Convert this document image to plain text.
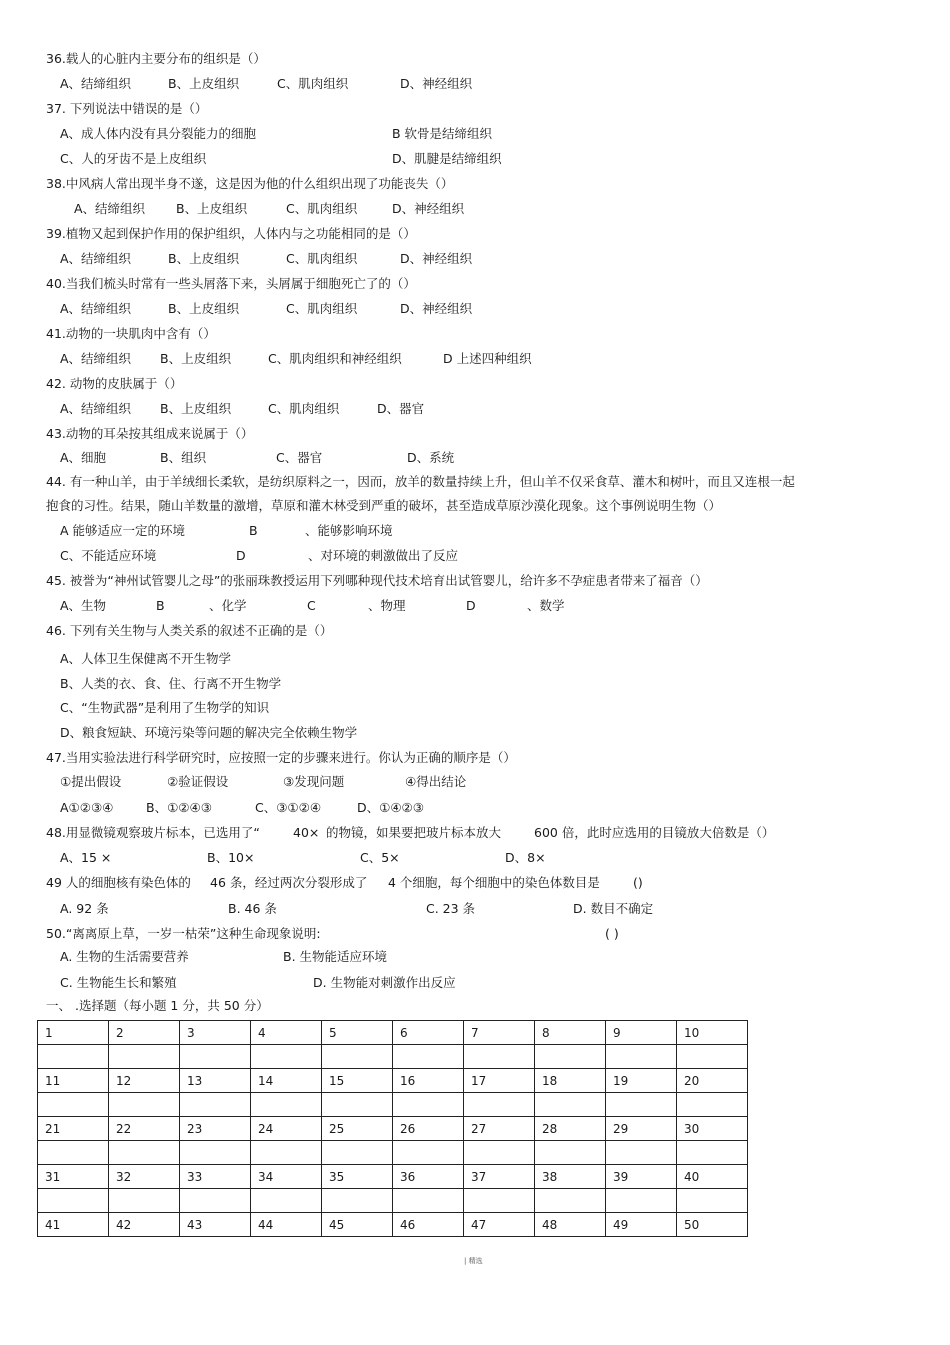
36.载人的心脏内主要分布的组织是（）
A、结缔组织	B、上皮组织	C、肌肉组织	D、神经组织
37. 下列说法中错误的是（）
A、成人体内没有具分裂能力的细胞	B 软骨是结缔组织
C、人的牙齿不是上皮组织	D、肌腱是结缔组织
38.中风病人常出现半身不遂，这是因为他的什么组织出现了功能丧失（）
A、结缔组织 B、上皮组织	C、肌肉组织	D、神经组织
39.植物又起到保护作用的保护组织，人体内与之功能相同的是（）
A、结缔组织	B、上皮组织	C、肌肉组织	D、神经组织
40.当我们梳头时常有一些头屑落下来，头屑属于细胞死亡了的（）
A、结缔组织	B、上皮组织	C、肌肉组织	D、神经组织
41.动物的一块肌肉中含有（）
A、结缔组织 B、上皮组织	C、肌肉组织和神经组织	D 上述四种组织
42. 动物的皮肤属于（）
A、结缔组织 B、上皮组织	C、肌肉组织	D、器官
43.动物的耳朵按其组成来说属于（）
A、细胞	B、组织	C、器官	D、系统
44. 有一种山羊，由于羊绒细长柔软，是纺织原料之一，因而，放羊的数量持续上升，但山羊不仅采食草、灌木和树叶，而且又连根一起
抱食的习性。结果，随山羊数量的激增，草原和灌木林受到严重的破坏，甚至造成草原沙漠化现象。这个事例说明生物（）
A 能够适应一定的环境	B	、能够影响环境
C、不能适应环境	D	、对环境的刺激做出了反应
45. 被誉为“神州试管婴儿之母”的张丽珠教授运用下列哪种现代技术培育出试管婴儿，给许多不孕症患者带来了福音（）
A、生物	B	、化学	C	、物理	D	、数学
46. 下列有关生物与人类关系的叙述不正确的是（）
A、人体卫生保健离不开生物学
B、人类的衣、食、住、行离不开生物学
C、“生物武器”是利用了生物学的知识
D、粮食短缺、环境污染等问题的解决完全依赖生物学
47.当用实验法进行科学研究时，应按照一定的步骤来进行。你认为正确的顺序是（）
①提出假设	②验证假设	③发现问题	④得出结论
A①②③④	B、①②④③	C、③①②④	D、①④②③
48.用显微镜观察玻片标本，已选用了“	40× 的物镜，如果要把玻片标本放大	600 倍，此时应选用的目镜放大倍数是（）
A、15 ×	B、10×	C、5×	D、8×
49 人的细胞核有染色体的 46 条，经过两次分裂形成了 4 个细胞，每个细胞中的染色体数目是	()
A. 92 条	B. 46 条	C. 23 条	D. 数目不确定
50.“离离原上草，一岁一枯荣”这种生命现象说明:	( )
A. 生物的生活需要营养	B. 生物能适应环境
C. 生物能生长和繁殖	D. 生物能对刺激作出反应
一、 .选择题（每小题 1 分，共 50 分）
1	2	3	4	5	6	7	8	9	10

11	12	13	14	15	16	17	18	19	20

21	22	23	24	25	26	27	28	29	30

31	32	33	34	35	36	37	38	39	40

41	42	43	44	45	46	47	48	49	50
| 精选
